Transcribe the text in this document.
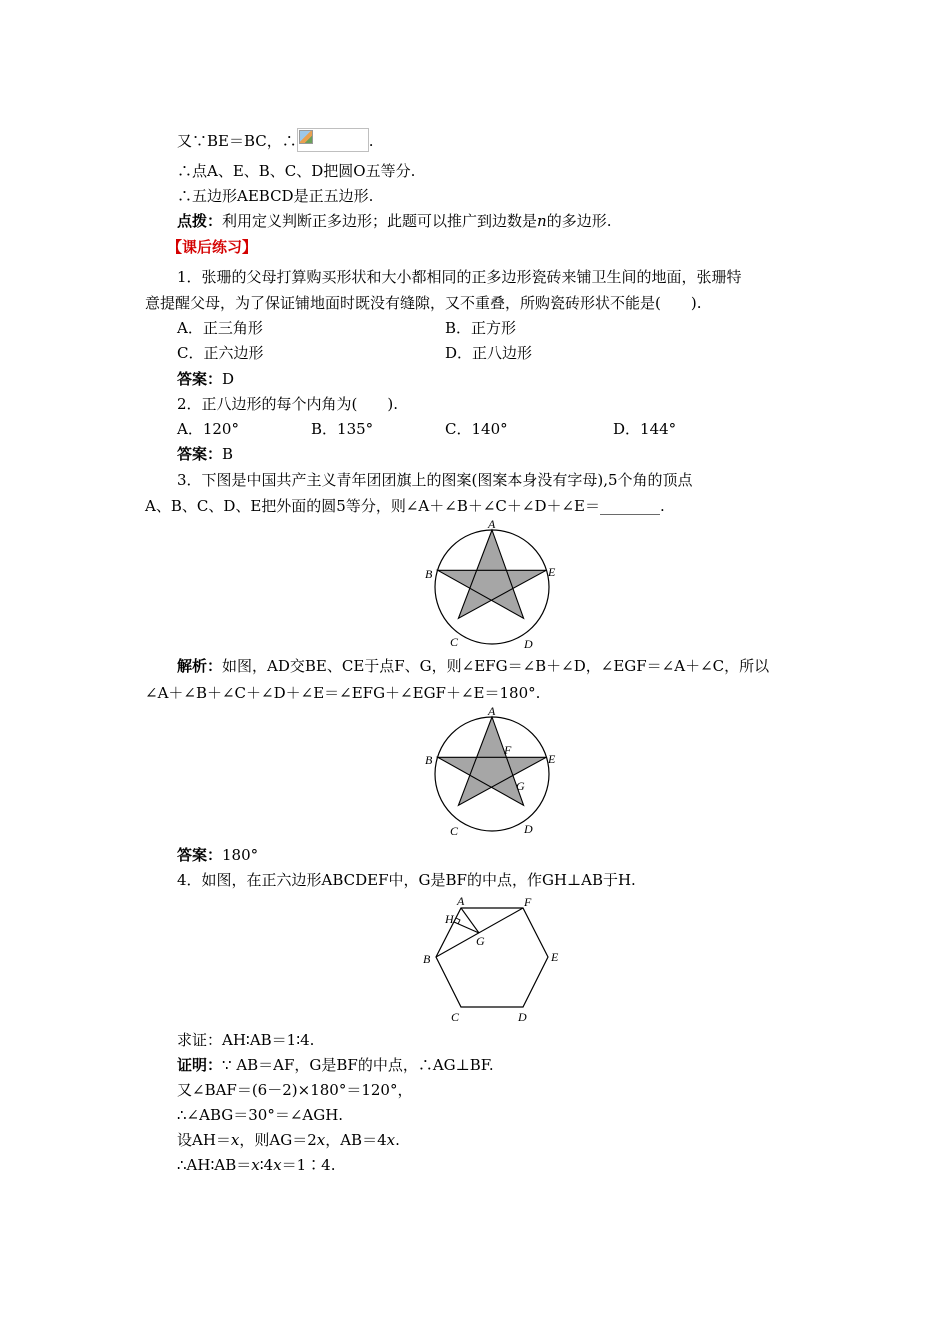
又∵BE＝BC，∴	.
∴点A、E、B、C、D把圆O五等分.
∴五边形AEBCD是正五边形.
点拨：利用定义判断正多边形；此题可以推广到边数是n的多边形.
【课后练习】
1．张珊的父母打算购买形状和大小都相同的正多边形瓷砖来铺卫生间的地面，张珊特
意提醒父母，为了保证铺地面时既没有缝隙，又不重叠，所购瓷砖形状不能是(　　).
A．正三角形	B．正方形
C．正六边形	D．正八边形
答案：D
2．正八边形的每个内角为(　　).
A．120°	B．135°	C．140°	D．144°
答案：B
3．下图是中国共产主义青年团团旗上的图案(图案本身没有字母),5个角的顶点
A、B、C、D、E把外面的圆5等分，则∠A＋∠B＋∠C＋∠D＋∠E＝________.
A
B	E
C	D
解析：如图，AD交BE、CE于点F、G，则∠EFG＝∠B＋∠D，∠EGF＝∠A＋∠C，所以
∠A＋∠B＋∠C＋∠D＋∠E＝∠EFG＋∠EGF＋∠E＝180°.
A
B	E
F
G
C	D
答案：180°
4．如图，在正六边形ABCDEF中，G是BF的中点，作GH⊥AB于H.
A	F
H
G
B	E
C	D
求证：AH∶AB＝1∶4.
证明：∵ AB＝AF，G是BF的中点，∴AG⊥BF.
又∠BAF＝(6－2)×180°＝120°，
∴∠ABG＝30°＝∠AGH.
设AH＝x，则AG＝2x，AB＝4x.
∴AH∶AB＝x∶4x＝1∶4.
